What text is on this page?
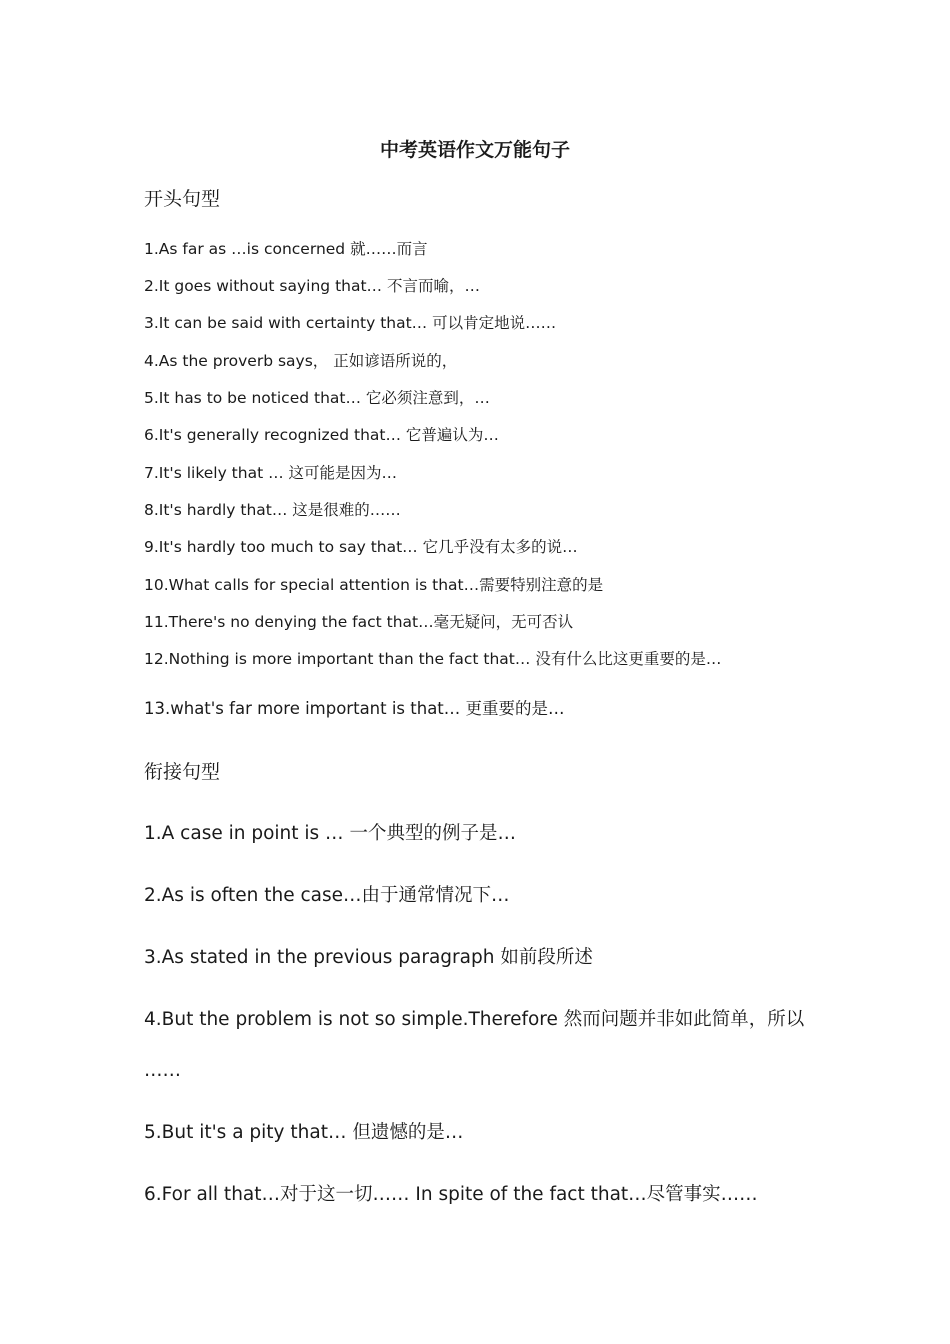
中考英语作文万能句子
开头句型
1.As far as …is concerned 就……而言
2.It goes without saying that… 不言而喻，…
3.It can be said with certainty that… 可以肯定地说……
4.As the proverb says， 正如谚语所说的，
5.It has to be noticed that… 它必须注意到，…
6.It's generally recognized that… 它普遍认为…
7.It's likely that … 这可能是因为…
8.It's hardly that… 这是很难的……
9.It's hardly too much to say that… 它几乎没有太多的说…
10.What calls for special attention is that…需要特别注意的是
11.There's no denying the fact that…毫无疑问，无可否认
12.Nothing is more important than the fact that… 没有什么比这更重要的是…
13.what's far more important is that… 更重要的是…
衔接句型
1.A case in point is … 一个典型的例子是…
2.As is often the case…由于通常情况下…
3.As stated in the previous paragraph 如前段所述
4.But the problem is not so simple.Therefore 然而问题并非如此简单，所以
……
5.But it's a pity that… 但遗憾的是…
6.For all that…对于这一切…… In spite of the fact that…尽管事实……
